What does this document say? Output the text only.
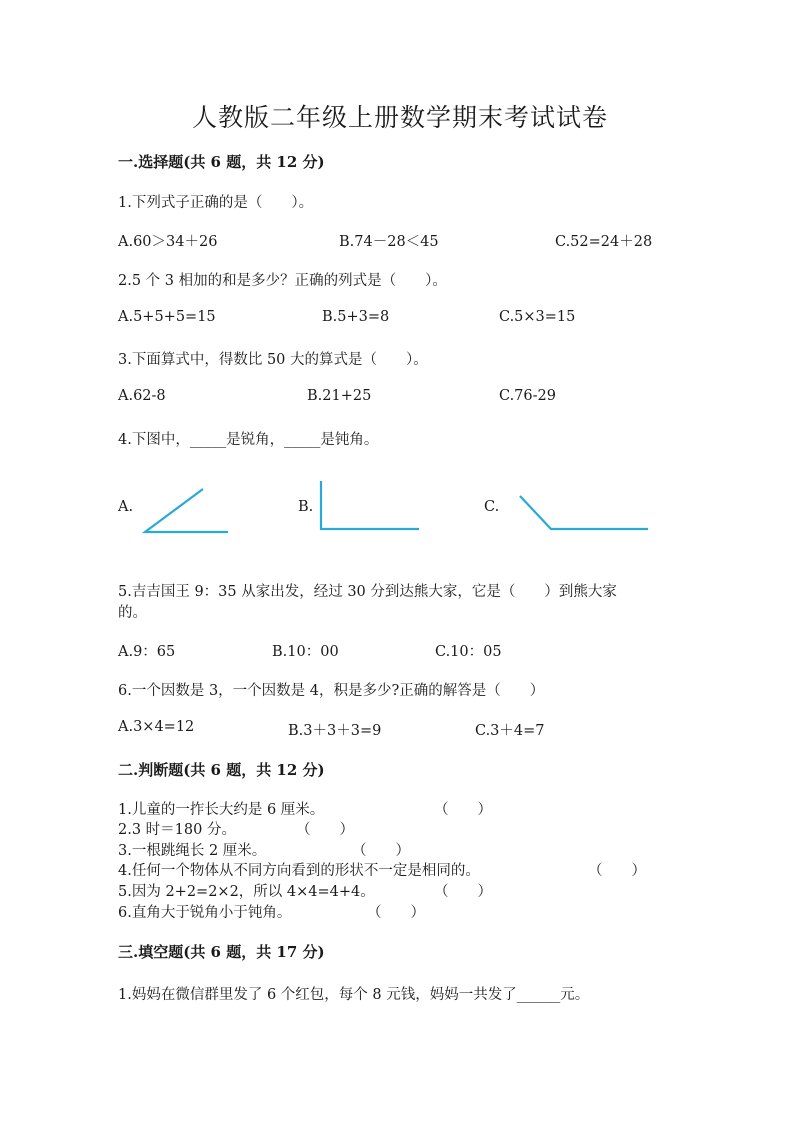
人教版二年级上册数学期末考试试卷
一.选择题(共 6 题，共 12 分)
1.下列式子正确的是（　　）。
A.60＞34＋26	B.74－28＜45	C.52=24＋28
2.5 个 3 相加的和是多少？正确的列式是（　　）。
A.5+5+5=15	B.5+3=8	C.5×3=15
3.下面算式中，得数比 50 大的算式是（　　）。
A.62-8	B.21+25	C.76-29
4.下图中，_____是锐角，_____是钝角。
A.	B.	C.
5.吉吉国王 9：35 从家出发，经过 30 分到达熊大家，它是（　　）到熊大家
的。
A.9：65	B.10：00	C.10：05
6.一个因数是 3，一个因数是 4，积是多少?正确的解答是（　　）
A.3×4=12	B.3＋3＋3=9	C.3＋4=7
二.判断题(共 6 题，共 12 分)
1.儿童的一拃长大约是 6 厘米。	（　　）
2.3 时＝180 分。	（　　）
3.一根跳绳长 2 厘米。	（　　）
4.任何一个物体从不同方向看到的形状不一定是相同的。	（　　）
5.因为 2+2=2×2，所以 4×4=4+4。	（　　）
6.直角大于锐角小于钝角。	（　　）
三.填空题(共 6 题，共 17 分)
1.妈妈在微信群里发了 6 个红包，每个 8 元钱，妈妈一共发了______元。
